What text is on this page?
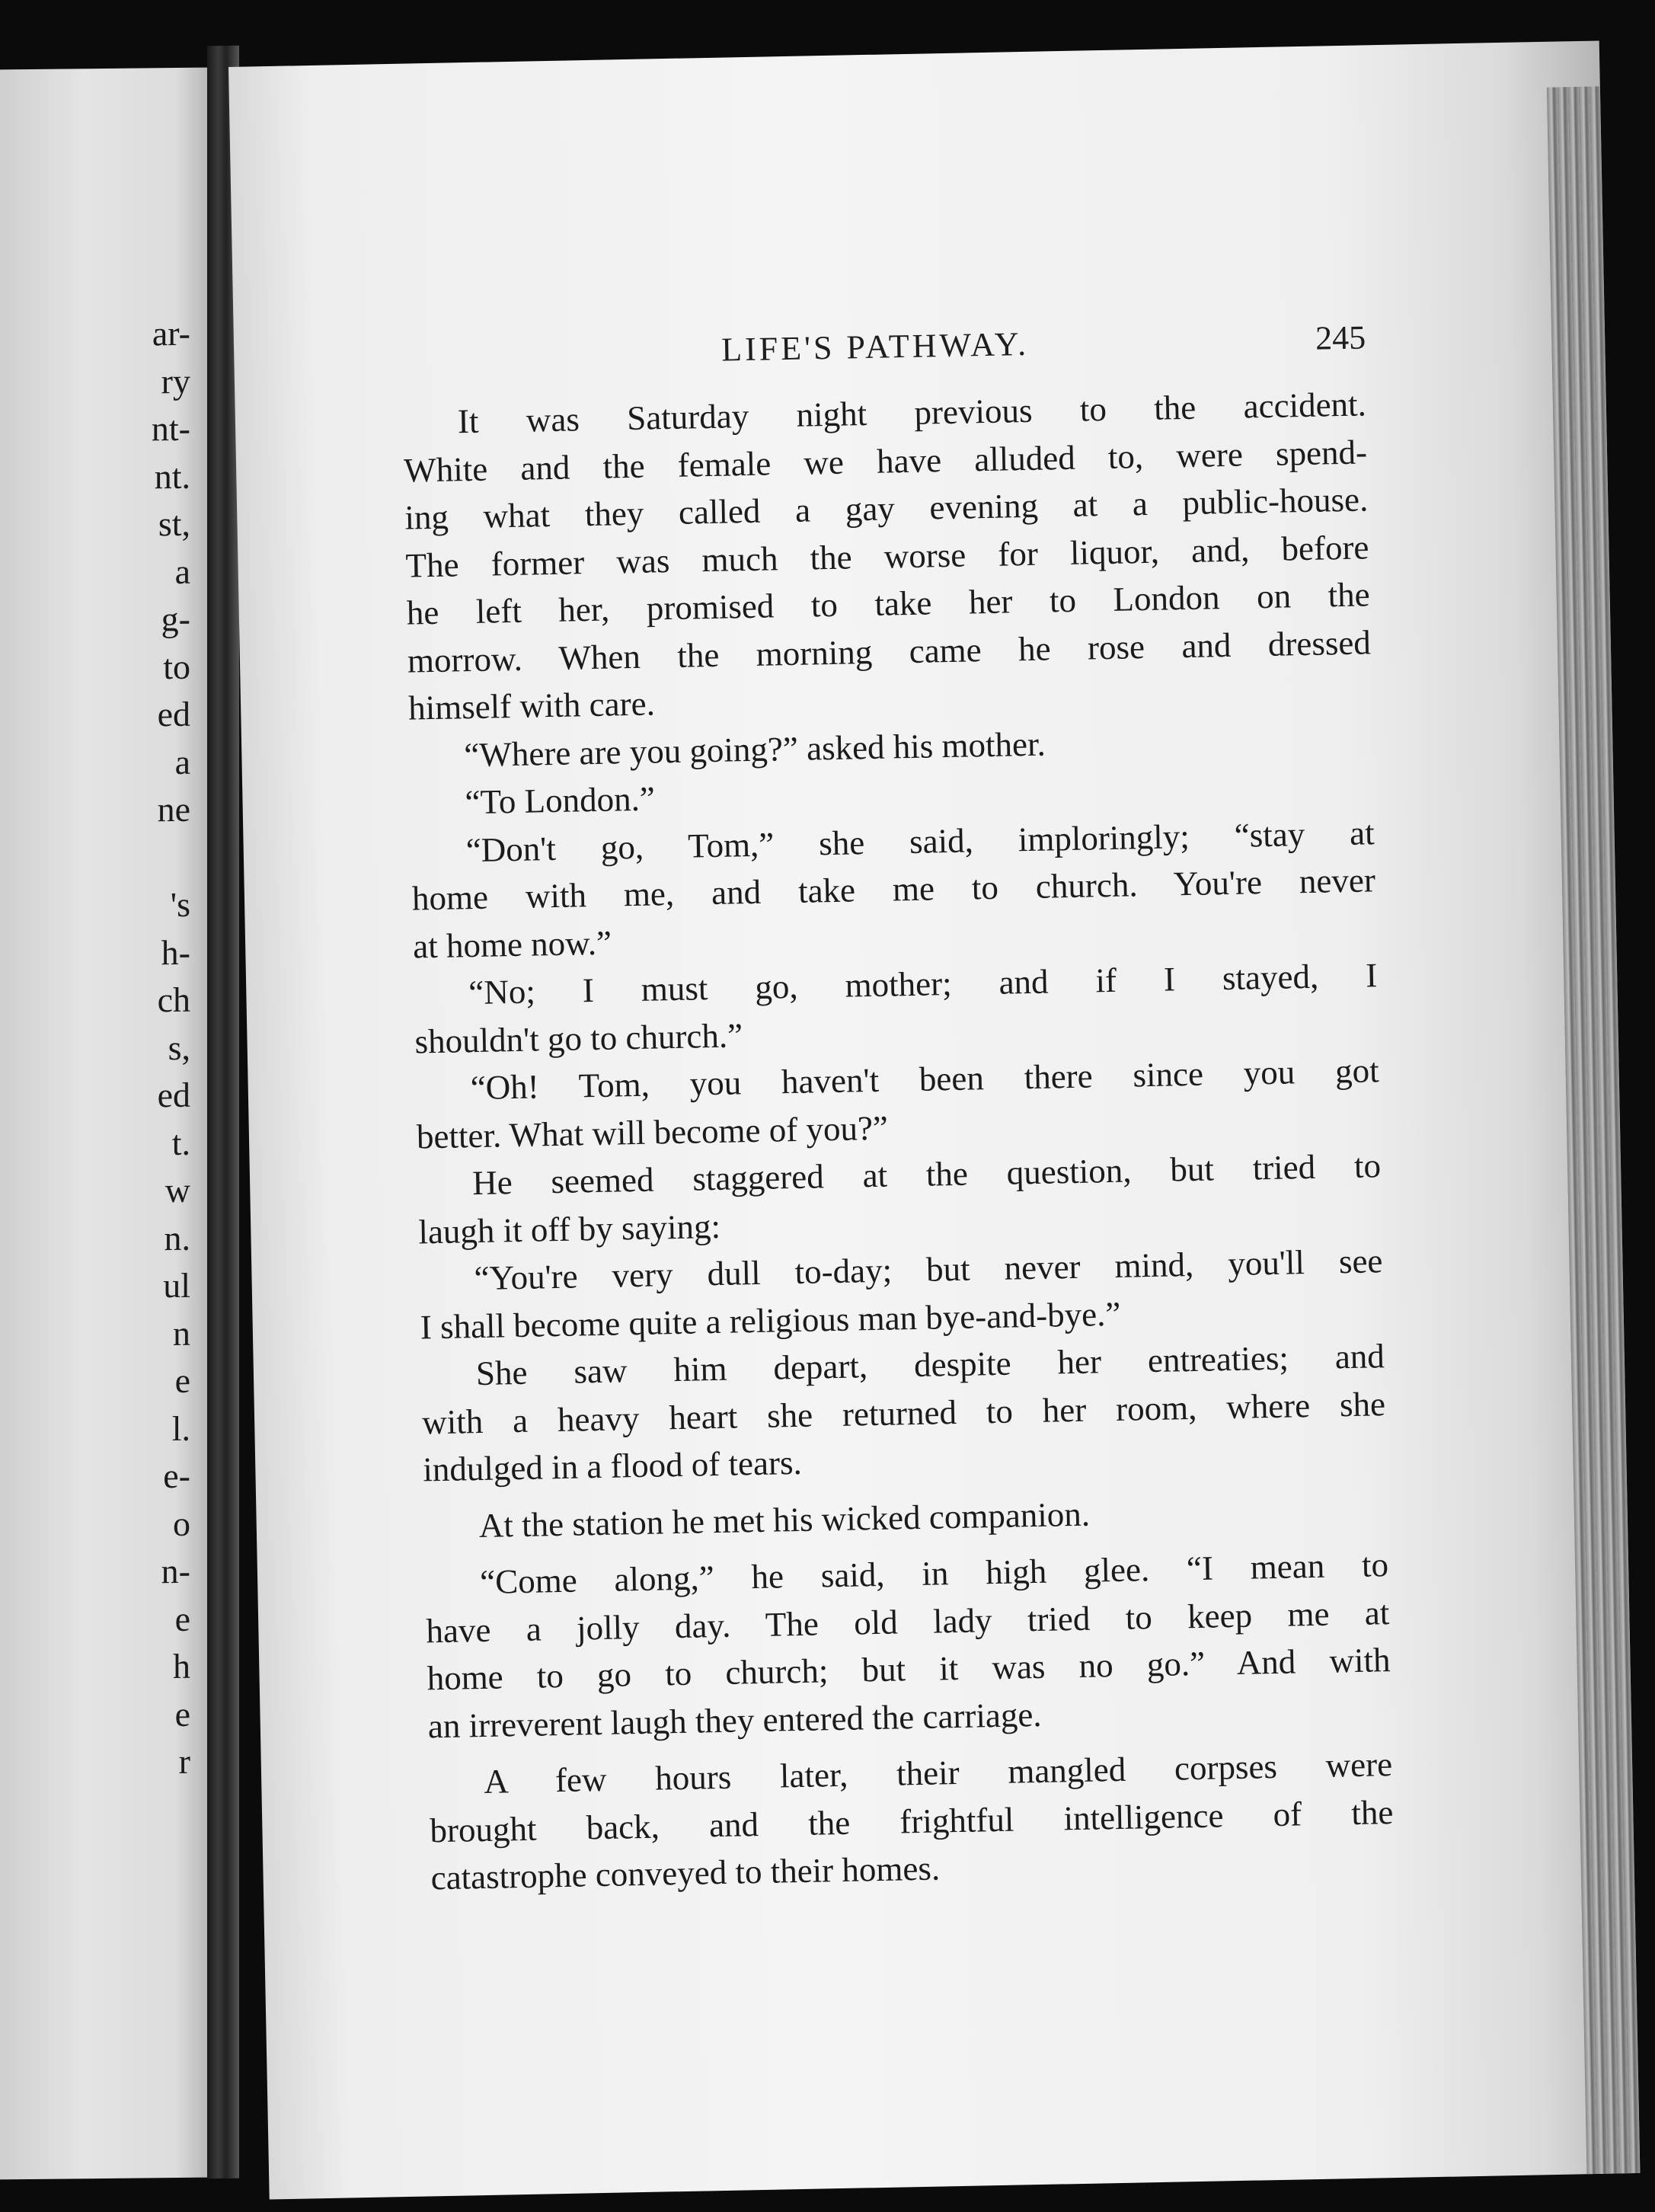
ar-
ry
nt-
nt.
st,
a
g-
to
ed
a
ne
's
h-
ch
s,
ed
t.
w
n.
ul
n
e
l.
e-
o
n-
e
h
e
r
LIFE'S PATHWAY.	245
It was Saturday night previous to the accident.
White and the female we have alluded to, were spend-
ing what they called a gay evening at a public-house.
The former was much the worse for liquor, and, before
he left her, promised to take her to London on the
morrow. When the morning came he rose and dressed
himself with care.
“Where are you going?” asked his mother.
“To London.”
“Don't go, Tom,” she said, imploringly; “stay at
home with me, and take me to church. You're never
at home now.”
“No; I must go, mother; and if I stayed, I
shouldn't go to church.”
“Oh! Tom, you haven't been there since you got
better. What will become of you?”
He seemed staggered at the question, but tried to
laugh it off by saying:
“You're very dull to-day; but never mind, you'll see
I shall become quite a religious man bye-and-bye.”
She saw him depart, despite her entreaties; and
with a heavy heart she returned to her room, where she
indulged in a flood of tears.
At the station he met his wicked companion.
“Come along,” he said, in high glee. “I mean to
have a jolly day. The old lady tried to keep me at
home to go to church; but it was no go.” And with
an irreverent laugh they entered the carriage.
A few hours later, their mangled corpses were
brought back, and the frightful intelligence of the
catastrophe conveyed to their homes.
